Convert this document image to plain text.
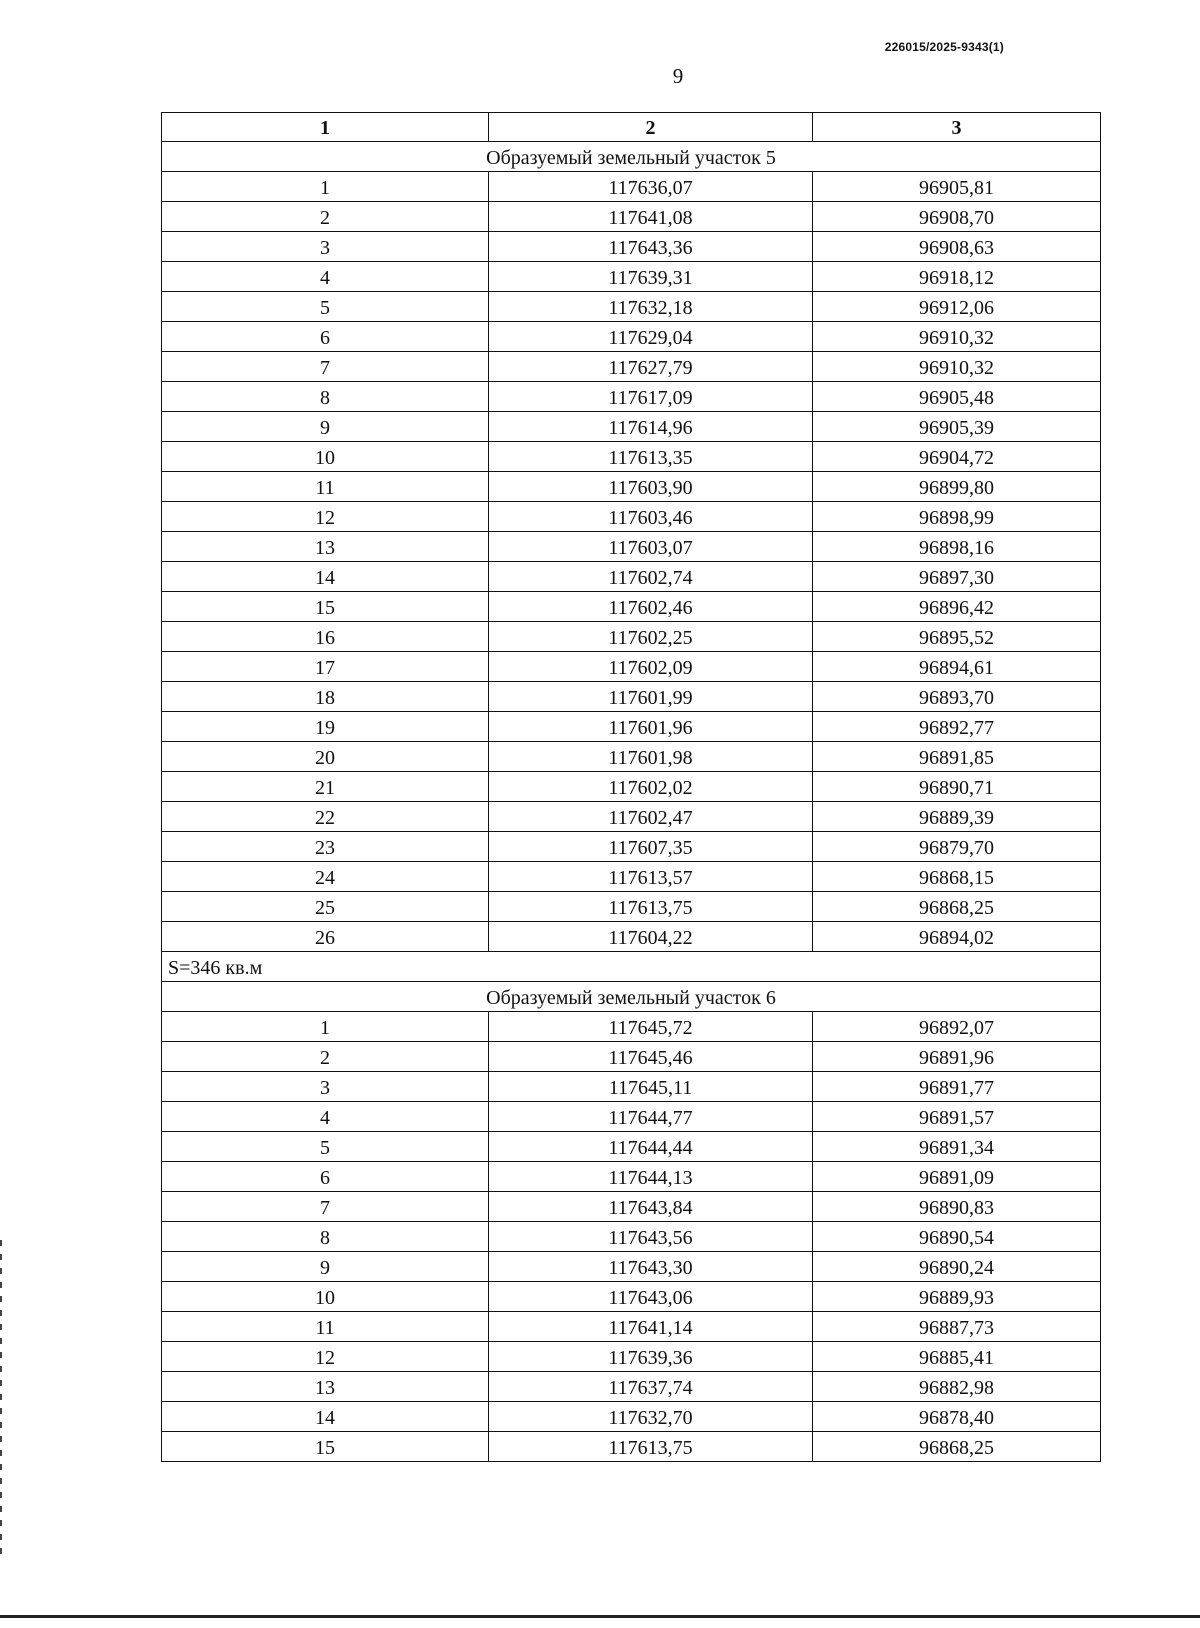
226015/2025-9343(1)
9
1	2	3
Образуемый земельный участок 5		
1	117636,07	96905,81
2	117641,08	96908,70
3	117643,36	96908,63
4	117639,31	96918,12
5	117632,18	96912,06
6	117629,04	96910,32
7	117627,79	96910,32
8	117617,09	96905,48
9	117614,96	96905,39
10	117613,35	96904,72
11	117603,90	96899,80
12	117603,46	96898,99
13	117603,07	96898,16
14	117602,74	96897,30
15	117602,46	96896,42
16	117602,25	96895,52
17	117602,09	96894,61
18	117601,99	96893,70
19	117601,96	96892,77
20	117601,98	96891,85
21	117602,02	96890,71
22	117602,47	96889,39
23	117607,35	96879,70
24	117613,57	96868,15
25	117613,75	96868,25
26	117604,22	96894,02
S=346 кв.м		
Образуемый земельный участок 6		
1	117645,72	96892,07
2	117645,46	96891,96
3	117645,11	96891,77
4	117644,77	96891,57
5	117644,44	96891,34
6	117644,13	96891,09
7	117643,84	96890,83
8	117643,56	96890,54
9	117643,30	96890,24
10	117643,06	96889,93
11	117641,14	96887,73
12	117639,36	96885,41
13	117637,74	96882,98
14	117632,70	96878,40
15	117613,75	96868,25
